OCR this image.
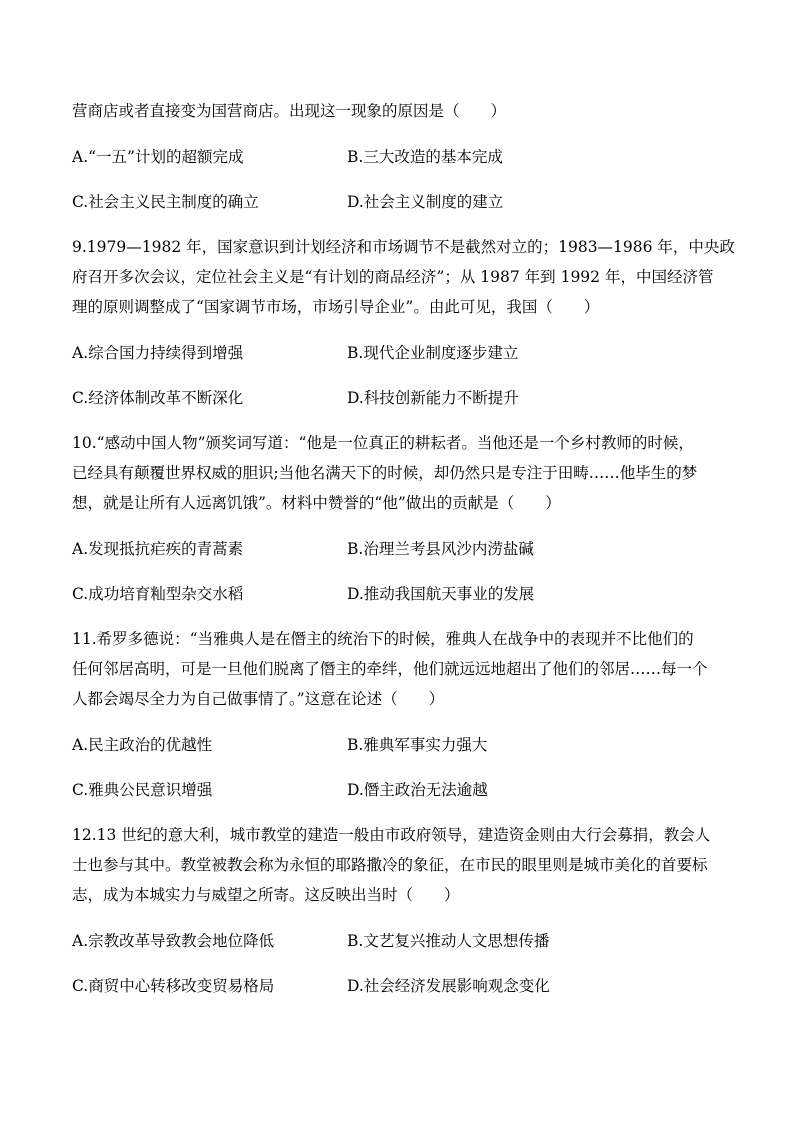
营商店或者直接变为国营商店。出现这一现象的原因是（　　）
A.“一五”计划的超额完成	B.三大改造的基本完成
C.社会主义民主制度的确立	D.社会主义制度的建立
9.1979—1982 年，国家意识到计划经济和市场调节不是截然对立的；1983—1986 年，中央政
府召开多次会议，定位社会主义是“有计划的商品经济”；从 1987 年到 1992 年，中国经济管
理的原则调整成了“国家调节市场，市场引导企业”。由此可见，我国（　　）
A.综合国力持续得到增强	B.现代企业制度逐步建立
C.经济体制改革不断深化	D.科技创新能力不断提升
10.“感动中国人物”颁奖词写道：“他是一位真正的耕耘者。当他还是一个乡村教师的时候，
已经具有颠覆世界权威的胆识;当他名满天下的时候，却仍然只是专注于田畴……他毕生的梦
想，就是让所有人远离饥饿”。材料中赞誉的“他”做出的贡献是（　　）
A.发现抵抗疟疾的青蒿素	B.治理兰考县风沙内涝盐碱
C.成功培育籼型杂交水稻	D.推动我国航天事业的发展
11.希罗多德说：“当雅典人是在僭主的统治下的时候，雅典人在战争中的表现并不比他们的
任何邻居高明，可是一旦他们脱离了僭主的牵绊，他们就远远地超出了他们的邻居……每一个
人都会竭尽全力为自己做事情了。”这意在论述（　　）
A.民主政治的优越性	B.雅典军事实力强大
C.雅典公民意识增强	D.僭主政治无法逾越
12.13 世纪的意大利，城市教堂的建造一般由市政府领导，建造资金则由大行会募捐，教会人
士也参与其中。教堂被教会称为永恒的耶路撒冷的象征，在市民的眼里则是城市美化的首要标
志，成为本城实力与威望之所寄。这反映出当时（　　）
A.宗教改革导致教会地位降低	B.文艺复兴推动人文思想传播
C.商贸中心转移改变贸易格局	D.社会经济发展影响观念变化
